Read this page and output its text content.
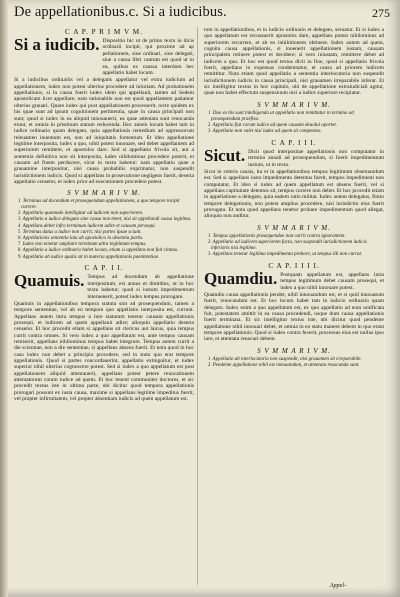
De appellationibus.c. Si a iudicibus.	275
C A P. P R I M V M.
Si a iudicib. Dispositio hic ut de primo textu iu dicis ordinarii incipit, qui proxime ad ap pellationem, siue ordinari, siue delegati, siue a causa libri cautum est quod ut in ea, quibus ex caussa interdum hec appellatio habet locum.

Si a iudicibus ordinariis vel a delegatis appellatur vel extra iudicium ad appellationem, iudex non potest ulterius procedere ad iniuriam. Ad probationem appellationis, si in causa fuerit iudex idem qui appellauit, tamen ad Sedem apostolicam licet appellare; nam rationabile non est quod appellantem patiamur ulterius grauari. Quare iudex qui post appellationem processerit, recte quidem ex his quae sunt ad ipsum cognitionem pertinentia, quae in causa principali non sunt; quod si iudex in ea aliquid innouauerit, ea quae attentata sunt reuocanda erunt, et omnia in pristinum statum reducenda. Hoc autem locum habet tam in iudice ordinario quam delegato, quia appellationis remedium ad oppressorum releuamen inuentum est, non ad iniquitatis fomentum. Et ideo appellatione legitime interposita, iudex a quo, nihil potest innouare, sed debet appellantem ad superiorem remittere, et apostolos dare. Sed si appellatio frivola sit, aut a sententia definitiva non sit interposita, iudex nihilominus procedere poterit, et causam ad finem perducere, sicut in textu habetur: nam appellatio quae a grauamine interponitur, nisi causa probabilis exprimatur, non suspendit iurisdictionem iudicis. Quod si appellans in prosecutione negligens fuerit, deserta appellatio censetur, et iudex prior ad executionem procedere potest.

S V M M A R I V M.
1 Terminus ad docendum et prosequendum appellationem, a quo tempore incipit currere.
2 Appellatio quomodo intelligitur ad iudicem non superiorem.
3 Appellatio a iudice delegato sine causa non tenet, nisi sit appellandi causa legitima.
4 Appellans debet infra terminum iudicem adire et causam persequi.
5 Terminus datus a iudice non currit, nisi partes ipsae sciant.
6 Appellationis sententia lata ab apostolico in absentia partis.
7 Iudex non tenetur ampliare terminum ultra legitimum tempus.
8 Appellatio a iudice ordinario habet locum, etiam si appellans non fuit citatus.
9 Appellatio ab iudice qualis sit in materia appellationis paenitentiae.
C A P. I I.
Quamuis. Tempus ad docendum ab appellatione interpositum, est annus et dimidius, ut in hoc textu habetur; quod si iustum impedimentum interuenerit, potest iudex tempus prorogare.

Quamuis in appellationibus tempora statuta sint ad prosequendum, tamen a tempore sententiae, vel ab eo tempore quo appellatio interposita est, currunt. Appellans autem intra tempus a iure statutum tenetur causam appellationis prosequi, et iudicem ad quem appellauit adire; alioquin appellatio deserta censetur. Et hoc procedit etiam si appellans sit clericus aut laicus, quia tempus currit contra omnes. Si vero iudex a quo appellatum est, ante tempus causam remiserit, appellans nihilominus tempus habet integrum. Tempus autem currit a die scientiae, non a die sententiae, si appellans absens fuerit. Et nota quod in hoc casu iudex non debet a principio procedere, sed in statu quo erat tempore appellationis. Quod si partes concordauerint, appellatio extinguitur, et iudex superior nihil ulterius cognoscere potest. Sed si iudex a quo appellatum est post appellationem aliquid attentauerit, appellans potest petere reuocationem attentatorum coram iudice ad quem. Et hoc tenent communiter doctores, et sic procedit textus iste in ultima parte, ubi dicitur quod tempora appellationis prorogari possunt ex iusta causa, maxime si appellans legitime impeditus fuerit, vel propter infirmitatem, vel propter absentiam iudicis ad quem appellatum est.

tum in appellationibus, et in iudicio ordinario et delegato, seruatur. Et si iudex a quo appellatum est recusauerit apostolos dare, appellans potest nihilominus ad superiorem recurrere, et ab eo inhibitionem obtinere. Iudex autem ad quem, cognita causa appellationis, si inuenerit appellationem iustam, causam principalem retinere potest et decidere; si vero iniustam, remittere debet ad iudicem a quo. Et hoc est quod textus dicit in fine, quod si appellatio frivola fuerit, appellans in expensas condemnatur, et causa ad priorem iudicem remittitur. Nota etiam quod appellatio a sententia interlocutoria non suspendit iurisdictionem iudicis in causa principali, nisi grauamen irreparabile inferat. Et sic intelligitur textus in hoc capitulo, ubi de appellatione extraiudiciali agitur, quae non habet effectum suspensiuum nisi a iudice superiore recipiatur.

S V M M A R I V M.
1 Duo ex his sunt intelligenda ut appellatio non remittatur in termino ad prosequendum praefixo.
2 Appellatio fiat coram iudice ad quem causam deuolui oportet.
3 Appellatio non valet nisi iudex ad quem sit competens.
C A P. I I I.
Sicut. Dicit quod interpositae appellationis non computatur in termino annali ad prosequendum, si fuerit impedimentum iustum, ut in textu.

Sicut in ceteris causis, ita et in appellationibus tempus legitimum obseruandum est. Sed si appellans iusto impedimento detentus fuerit, tempus impedimenti non computatur. Et ideo si iudex ad quem appellatum est absens fuerit, vel si appellans captiuitate detentus sit, tempus currere non debet. Et hoc procedit etiam in appellatione a delegato, quia eadem ratio militat. Iudex autem delegatus, finito tempore delegationis, non potest amplius procedere, nisi iurisdictio eius fuerit prorogata. Et nota quod appellans tenetur probare impedimentum quod allegat, alioquin non auditur.

S V M M A R I V M.
1 Tempus appellationis prosequendae non currit contra ignorantem.
2 Appellatio ad iudicem superiorem facta, non suspendit iurisdictionem iudicis inferioris nisi legitime.
3 Appellans tenetur legitima impedimenta probare, ut tempus illi non currat.
C A P. I I I I.
Quamdiu. Postquam appellatum est, appellans intra tempus legitimum debet causam prosequi, et iudex a quo nihil innouare potest.

Quamdiu causa appellationis pendet, nihil innouandum est, et si quid innouatum fuerit, reuocandum est. Et hoc locum habet tam in iudicio ordinario quam delegato. Iudex enim a quo appellatum est, ex quo appellatio ad eum notificata fuit, potestatem amittit in ea causa procedendi, usque dum causa appellationis fuerit terminata. Et sic intelligitur textus iste, ubi dicitur quod pendente appellatione nihil innouari debet, et omnia in eo statu manere debent in quo erant tempore appellationis. Quod si iudex contra fecerit, processus eius est nullus ipso iure, et attentata reuocari debent.

S V M M A R I V M.
1 Appellatio ab interlocutoria non suspendit, nisi grauamen sit irreparabile.
2 Pendente appellatione nihil est innouandum, et attentata reuocanda sunt.
Appel-
